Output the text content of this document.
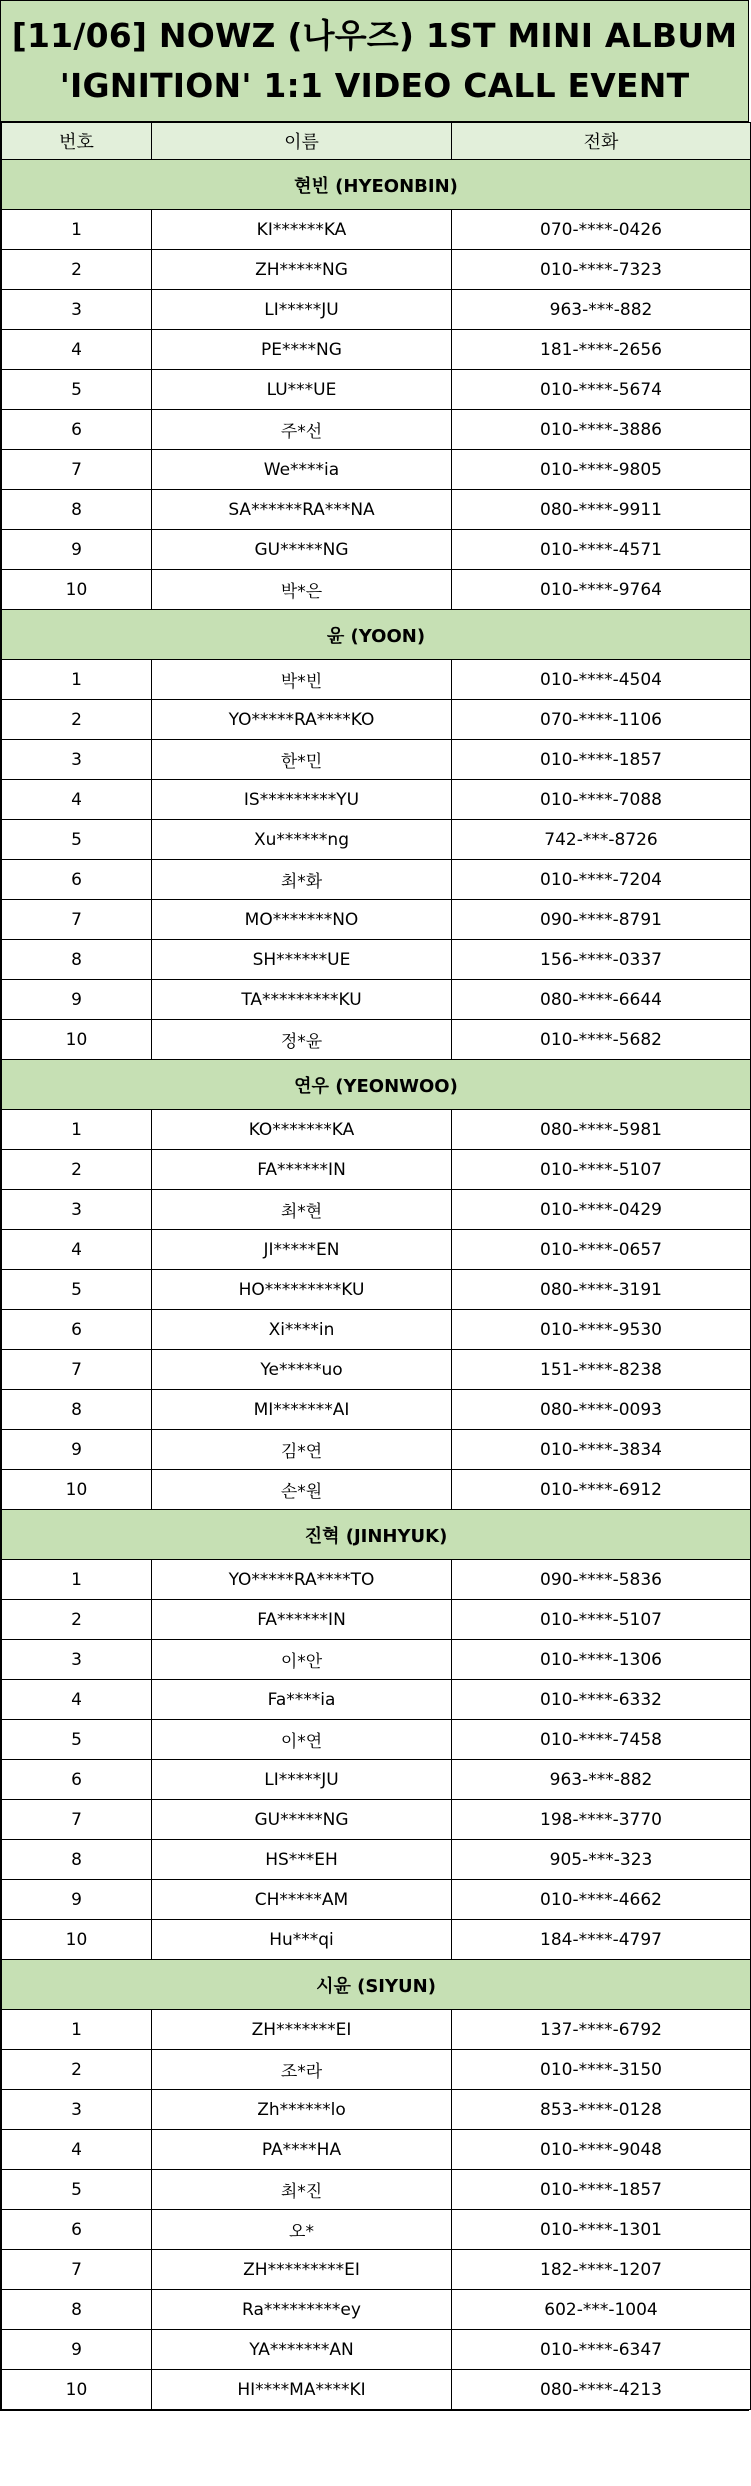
[11/06] NOWZ (나우즈) 1ST MINI ALBUM
'IGNITION' 1:1 VIDEO CALL EVENT
번호	이름	전화
현빈 (HYEONBIN)		
1	KI******KA	070-****-0426
2	ZH*****NG	010-****-7323
3	LI*****JU	963-***-882
4	PE****NG	181-****-2656
5	LU***UE	010-****-5674
6	주*선	010-****-3886
7	We****ia	010-****-9805
8	SA******RA***NA	080-****-9911
9	GU*****NG	010-****-4571
10	박*은	010-****-9764
윤 (YOON)		
1	박*빈	010-****-4504
2	YO*****RA****KO	070-****-1106
3	한*민	010-****-1857
4	IS*********YU	010-****-7088
5	Xu******ng	742-***-8726
6	최*화	010-****-7204
7	MO*******NO	090-****-8791
8	SH******UE	156-****-0337
9	TA*********KU	080-****-6644
10	정*윤	010-****-5682
연우 (YEONWOO)		
1	KO*******KA	080-****-5981
2	FA******IN	010-****-5107
3	최*현	010-****-0429
4	JI*****EN	010-****-0657
5	HO*********KU	080-****-3191
6	Xi****in	010-****-9530
7	Ye*****uo	151-****-8238
8	MI*******AI	080-****-0093
9	김*연	010-****-3834
10	손*원	010-****-6912
진혁 (JINHYUK)		
1	YO*****RA****TO	090-****-5836
2	FA******IN	010-****-5107
3	이*안	010-****-1306
4	Fa****ia	010-****-6332
5	이*연	010-****-7458
6	LI*****JU	963-***-882
7	GU*****NG	198-****-3770
8	HS***EH	905-***-323
9	CH*****AM	010-****-4662
10	Hu***qi	184-****-4797
시윤 (SIYUN)		
1	ZH*******EI	137-****-6792
2	조*라	010-****-3150
3	Zh******lo	853-****-0128
4	PA****HA	010-****-9048
5	최*진	010-****-1857
6	오*	010-****-1301
7	ZH*********EI	182-****-1207
8	Ra*********ey	602-***-1004
9	YA*******AN	010-****-6347
10	HI****MA****KI	080-****-4213
